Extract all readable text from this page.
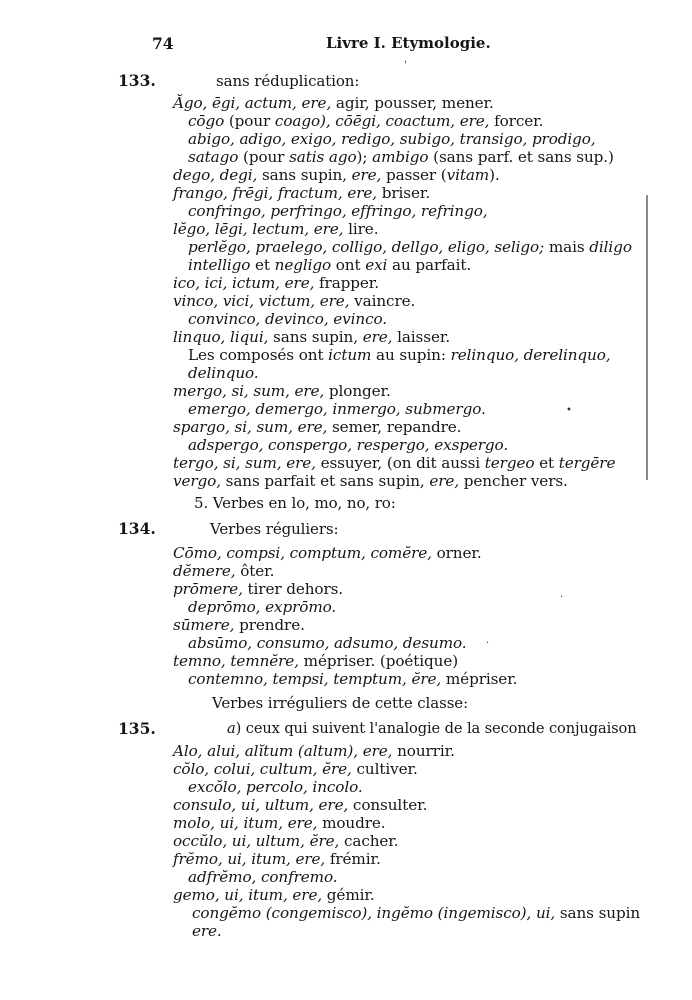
74	Livre I. Etymologie.
'
•
·
·
133.	sans réduplication:
Ăgo, ēgi, actum, ere, agir, pousser, mener.
cōgo (pour coago), cōēgi, coactum, ere, forcer.
abigo, adigo, exigo, redigo, subigo, transigo, prodigo,
satago (pour satis ago); ambigo (sans parf. et sans sup.)
dego, degi, sans supin, ere, passer (vitam).
frango, frēgi, fractum, ere, briser.
confringo, perfringo, effringo, refringo,
lĕgo, lēgi, lectum, ere, lire.
perlĕgo, praelego, colligo, dellgo, eligo, seligo; mais diligo
intelligo et negligo ont exi au parfait.
ico, ici, ictum, ere, frapper.
vinco, vici, victum, ere, vaincre.
convinco, devinco, evinco.
linquo, liqui, sans supin, ere, laisser.
Les composés ont ictum au supin: relinquo, derelinquo,
delinquo.
mergo, si, sum, ere, plonger.
emergo, demergo, inmergo, submergo.
spargo, si, sum, ere, semer, repandre.
adspergo, conspergo, respergo, exspergo.
tergo, si, sum, ere, essuyer, (on dit aussi tergeo et tergēre
vergo, sans parfait et sans supin, ere, pencher vers.
5. Verbes en lo, mo, no, ro:
134.	Verbes réguliers:
Cōmo, compsi, comptum, comĕre, orner.
dĕmere, ôter.
prōmere, tirer dehors.
deprōmo, exprōmo.
sūmere, prendre.
absūmo, consumo, adsumo, desumo.
temno, temnĕre, mépriser. (poétique)
contemno, tempsi, temptum, ĕre, mépriser.
Verbes irréguliers de cette classe:
135.	a) ceux qui suivent l'analogie de la seconde conjugaison
Alo, alui, alĭtum (altum), ere, nourrir.
cŏlo, colui, cultum, ĕre, cultiver.
excŏlo, percolo, incolo.
consulo, ui, ultum, ere, consulter.
molo, ui, itum, ere, moudre.
occŭlo, ui, ultum, ĕre, cacher.
frĕmo, ui, itum, ere, frémir.
adfrĕmo, confremo.
gemo, ui, itum, ere, gémir.
congĕmo (congemisco), ingĕmo (ingemisco), ui, sans supin
ere.
